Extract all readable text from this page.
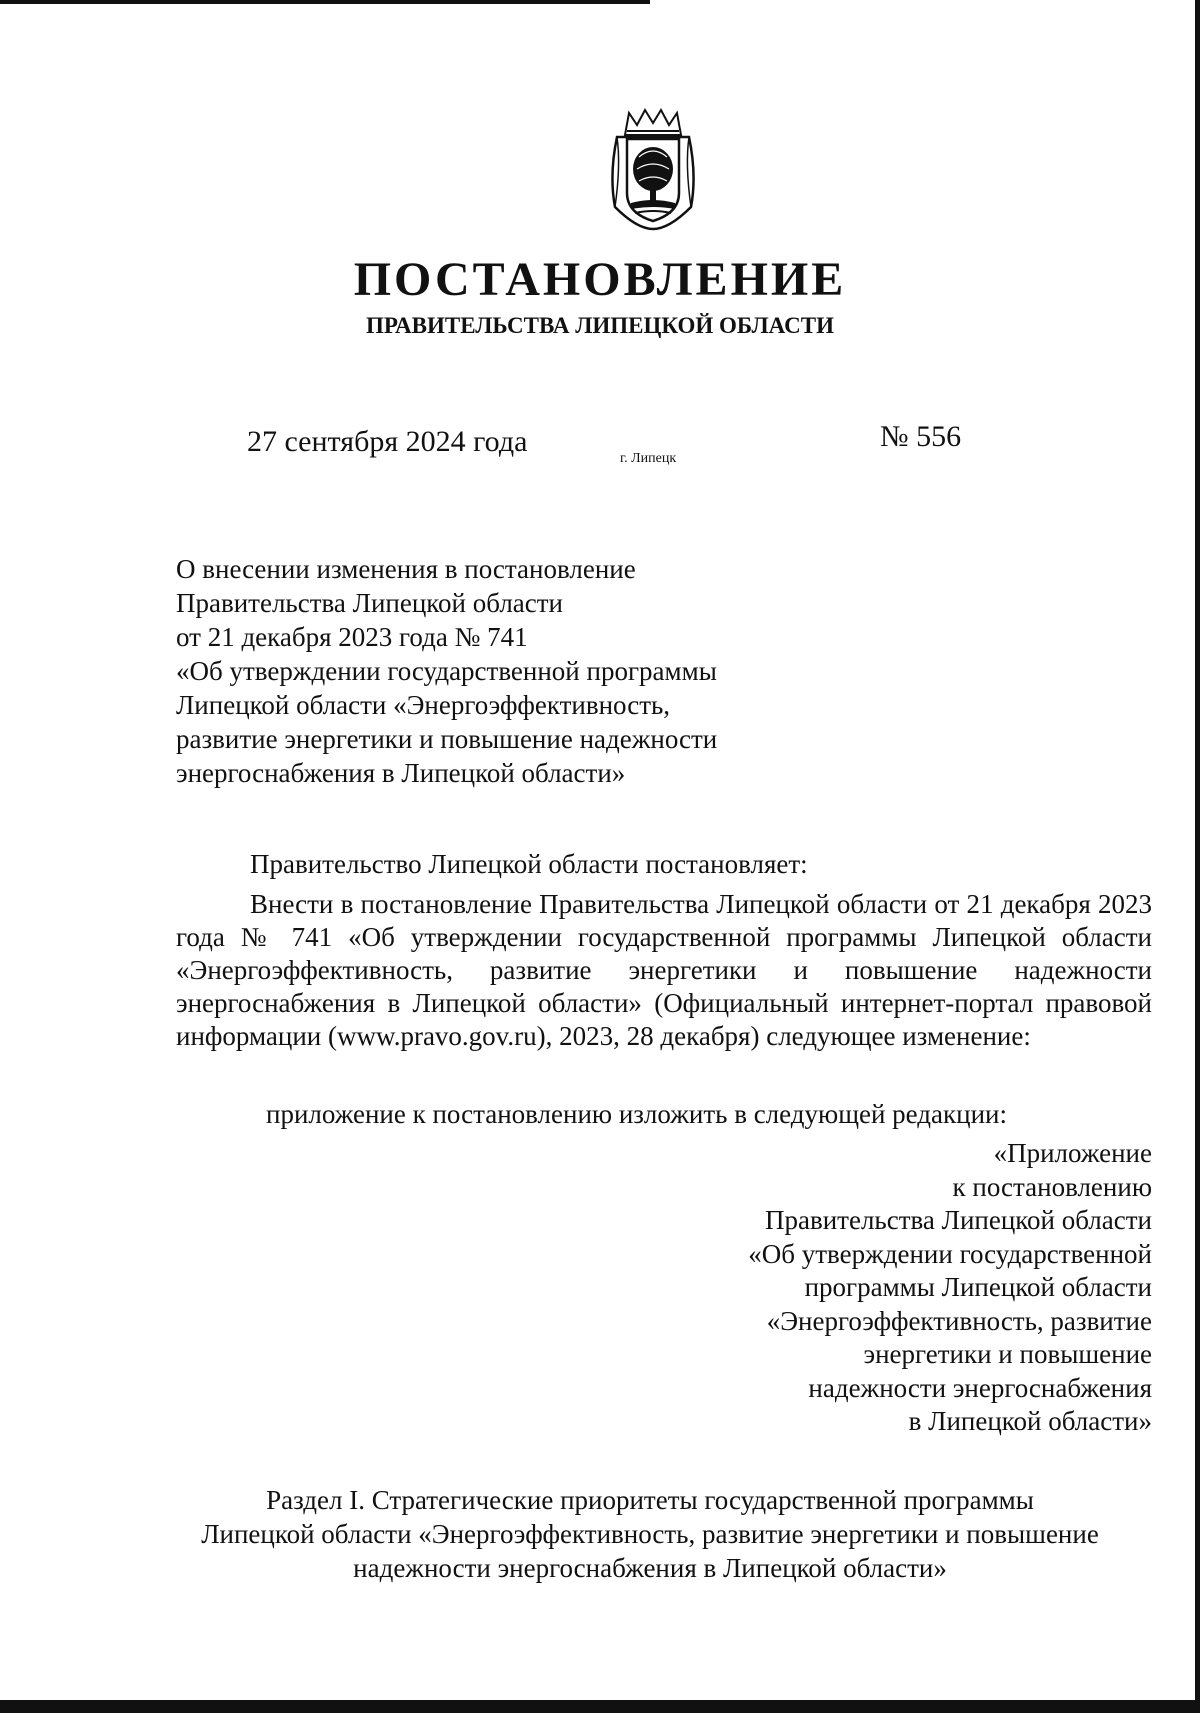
ПОСТАНОВЛЕНИЕ
ПРАВИТЕЛЬСТВА ЛИПЕЦКОЙ ОБЛАСТИ
27 сентября 2024 года
г. Липецк
№ 556
О внесении изменения в постановление
Правительства Липецкой области
от 21 декабря 2023 года № 741
«Об утверждении государственной программы
Липецкой области «Энергоэффективность,
развитие энергетики и повышение надежности
энергоснабжения в Липецкой области»
Правительство Липецкой области постановляет:
Внести в постановление Правительства Липецкой области от 21 декабря 2023 года № 741 «Об утверждении государственной программы Липецкой области «Энергоэффективность, развитие энергетики и повышение надежности энергоснабжения в Липецкой области» (Официальный интернет-портал правовой информации (www.pravo.gov.ru), 2023, 28 декабря) следующее изменение:
приложение к постановлению изложить в следующей редакции:
«Приложение
к постановлению
Правительства Липецкой области
«Об утверждении государственной
программы Липецкой области
«Энергоэффективность, развитие
энергетики и повышение
надежности энергоснабжения
в Липецкой области»
Раздел I. Стратегические приоритеты государственной программы
Липецкой области «Энергоэффективность, развитие энергетики и повышение
надежности энергоснабжения в Липецкой области»
